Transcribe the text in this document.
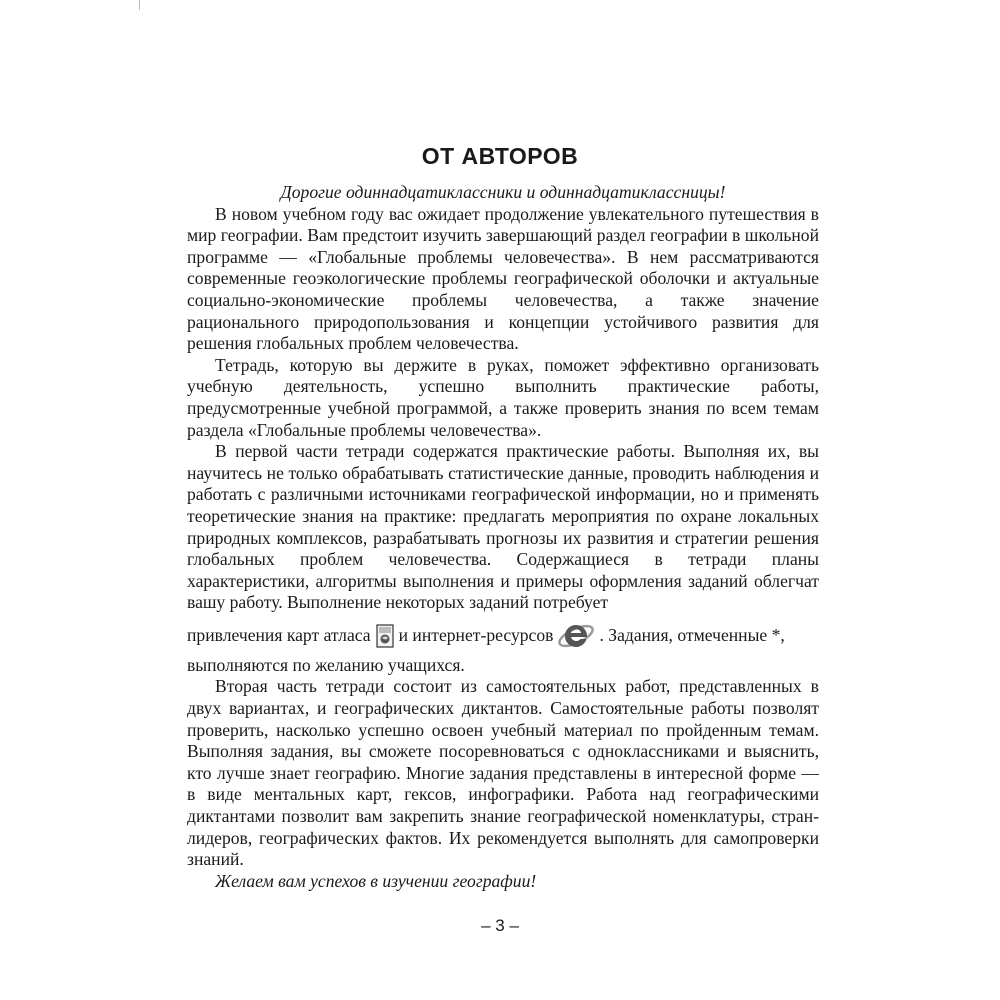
ОТ АВТОРОВ

Дорогие одиннадцатиклассники и одиннадцатиклассницы!

В новом учебном году вас ожидает продолжение увлекательного путешествия в мир географии. Вам предстоит изучить завершающий раздел географии в школьной программе — «Глобальные проблемы человечества». В нем рассматриваются современные геоэкологические проблемы географической оболочки и актуальные социально-экономические проблемы человечества, а также значение рационального природопользования и концепции устойчивого развития для решения глобальных проблем человечества.

Тетрадь, которую вы держите в руках, поможет эффективно организовать учебную деятельность, успешно выполнить практические работы, предусмотренные учебной программой, а также проверить знания по всем темам раздела «Глобальные проблемы человечества».

В первой части тетради содержатся практические работы. Выполняя их, вы научитесь не только обрабатывать статистические данные, проводить наблюдения и работать с различными источниками географической информации, но и применять теоретические знания на практике: предлагать мероприятия по охране локальных природных комплексов, разрабатывать прогнозы их развития и стратегии решения глобальных проблем человечества. Содержащиеся в тетради планы характеристики, алгоритмы выполнения и примеры оформления заданий облегчат вашу работу. Выполнение некоторых заданий потребует

привлечения карт атласа и интернет-ресурсов	. Задания, отмеченные *,

выполняются по желанию учащихся.

Вторая часть тетради состоит из самостоятельных работ, представленных в двух вариантах, и географических диктантов. Самостоятельные работы позволят проверить, насколько успешно освоен учебный материал по пройденным темам. Выполняя задания, вы сможете посоревноваться с одноклассниками и выяснить, кто лучше знает географию. Многие задания представлены в интересной форме — в виде ментальных карт, гексов, инфографики. Работа над географическими диктантами позволит вам закрепить знание географической номенклатуры, стран-лидеров, географических фактов. Их рекомендуется выполнять для самопроверки знаний.

Желаем вам успехов в изучении географии!

– 3 –
